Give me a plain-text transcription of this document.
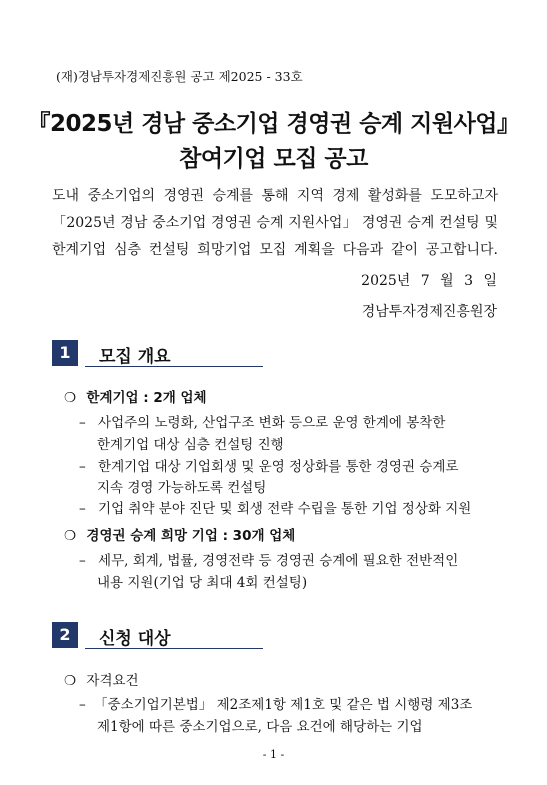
(재)경남투자경제진흥원 공고 제2025 - 33호
『2025년 경남 중소기업 경영권 승계 지원사업』
참여기업 모집 공고
도내 중소기업의 경영권 승계를 통해 지역 경제 활성화를 도모하고자
「2025년 경남 중소기업 경영권 승계 지원사업」 경영권 승계 컨설팅 및
한계기업 심층 컨설팅 희망기업 모집 계획을 다음과 같이 공고합니다.
2025년 7 월 3 일
경남투자경제진흥원장
1	모집 개요
❍ 한계기업 : 2개 업체
– 사업주의 노령화, 산업구조 변화 등으로 운영 한계에 봉착한
한계기업 대상 심층 컨설팅 진행
– 한계기업 대상 기업회생 및 운영 정상화를 통한 경영권 승계로
지속 경영 가능하도록 컨설팅
– 기업 취약 분야 진단 및 회생 전략 수립을 통한 기업 정상화 지원
❍ 경영권 승계 희망 기업 : 30개 업체
– 세무, 회계, 법률, 경영전략 등 경영권 승계에 필요한 전반적인
내용 지원(기업 당 최대 4회 컨설팅)
2	신청 대상
❍ 자격요건
– 「중소기업기본법」 제2조제1항 제1호 및 같은 법 시행령 제3조
제1항에 따른 중소기업으로, 다음 요건에 해당하는 기업
- 1 -
